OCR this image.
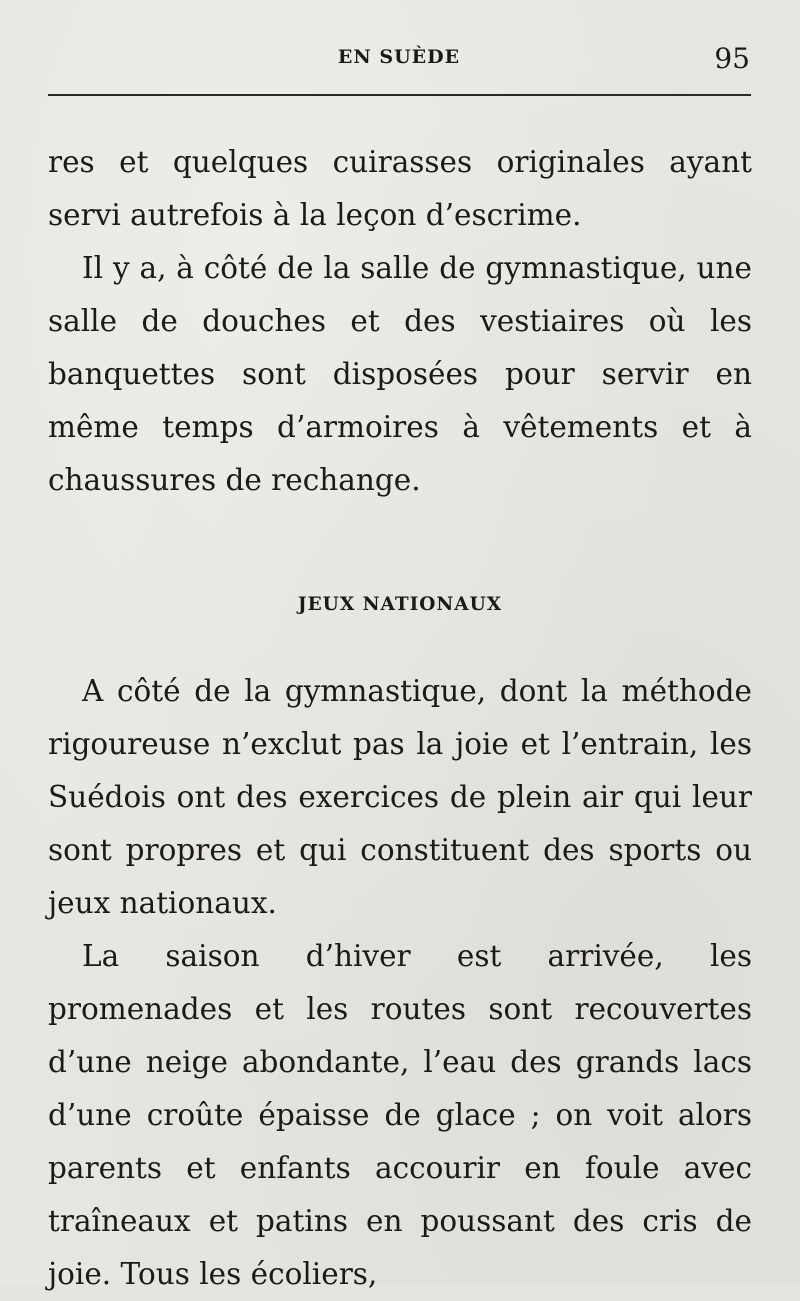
EN SUÈDE	95

res et quelques cuirasses originales ayant servi autrefois à la leçon d’escrime.

Il y a, à côté de la salle de gymnastique, une salle de douches et des vestiaires où les banquettes sont disposées pour servir en même temps d’armoires à vêtements et à chaussures de rechange.

JEUX NATIONAUX

A côté de la gymnastique, dont la méthode rigoureuse n’exclut pas la joie et l’entrain, les Suédois ont des exercices de plein air qui leur sont propres et qui constituent des sports ou jeux nationaux.

La saison d’hiver est arrivée, les promenades et les routes sont recouvertes d’une neige abondante, l’eau des grands lacs d’une croûte épaisse de glace ; on voit alors parents et enfants accourir en foule avec traîneaux et patins en poussant des cris de joie. Tous les écoliers,
